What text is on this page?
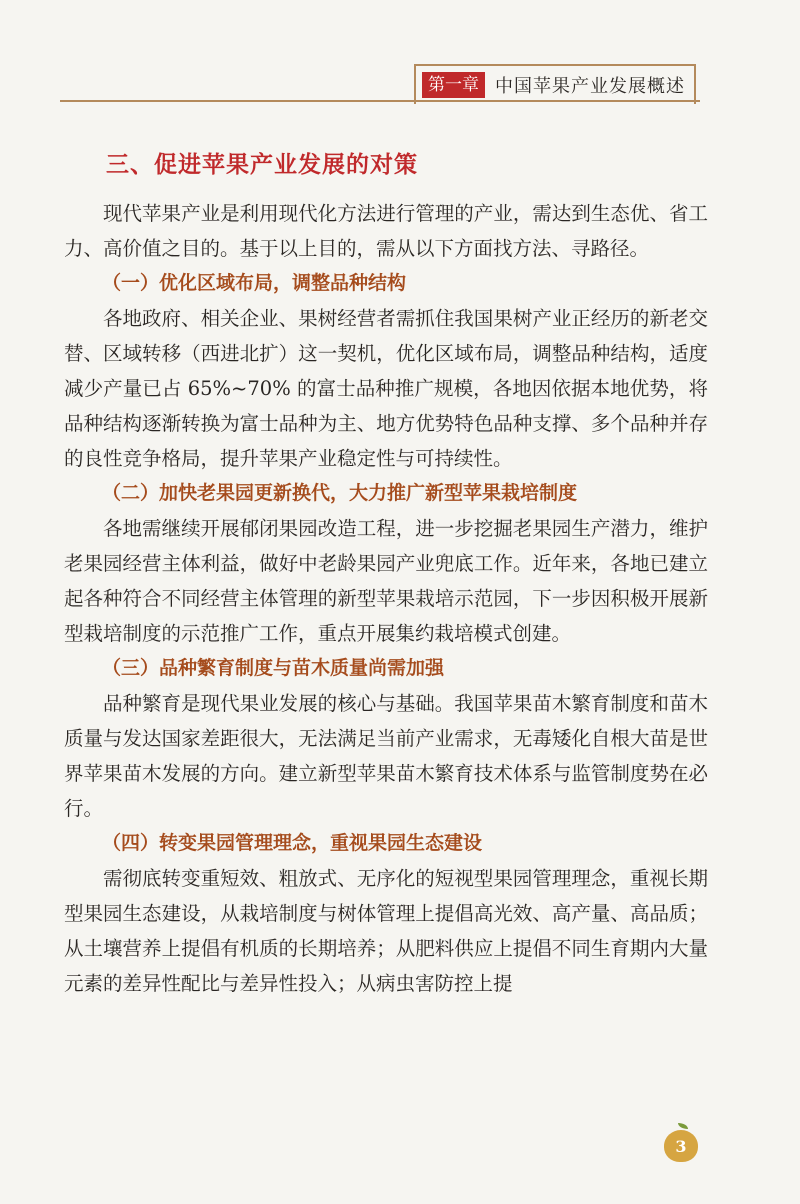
第一章 中国苹果产业发展概述
三、促进苹果产业发展的对策

现代苹果产业是利用现代化方法进行管理的产业，需达到生态优、省工力、高价值之目的。基于以上目的，需从以下方面找方法、寻路径。

（一）优化区域布局，调整品种结构

各地政府、相关企业、果树经营者需抓住我国果树产业正经历的新老交替、区域转移（西进北扩）这一契机，优化区域布局，调整品种结构，适度减少产量已占 65%~70% 的富士品种推广规模，各地因依据本地优势，将品种结构逐渐转换为富士品种为主、地方优势特色品种支撑、多个品种并存的良性竞争格局，提升苹果产业稳定性与可持续性。

（二）加快老果园更新换代，大力推广新型苹果栽培制度

各地需继续开展郁闭果园改造工程，进一步挖掘老果园生产潜力，维护老果园经营主体利益，做好中老龄果园产业兜底工作。近年来，各地已建立起各种符合不同经营主体管理的新型苹果栽培示范园，下一步因积极开展新型栽培制度的示范推广工作，重点开展集约栽培模式创建。

（三）品种繁育制度与苗木质量尚需加强

品种繁育是现代果业发展的核心与基础。我国苹果苗木繁育制度和苗木质量与发达国家差距很大，无法满足当前产业需求，无毒矮化自根大苗是世界苹果苗木发展的方向。建立新型苹果苗木繁育技术体系与监管制度势在必行。

（四）转变果园管理理念，重视果园生态建设

需彻底转变重短效、粗放式、无序化的短视型果园管理理念，重视长期型果园生态建设，从栽培制度与树体管理上提倡高光效、高产量、高品质；从土壤营养上提倡有机质的长期培养；从肥料供应上提倡不同生育期内大量元素的差异性配比与差异性投入；从病虫害防控上提

3
